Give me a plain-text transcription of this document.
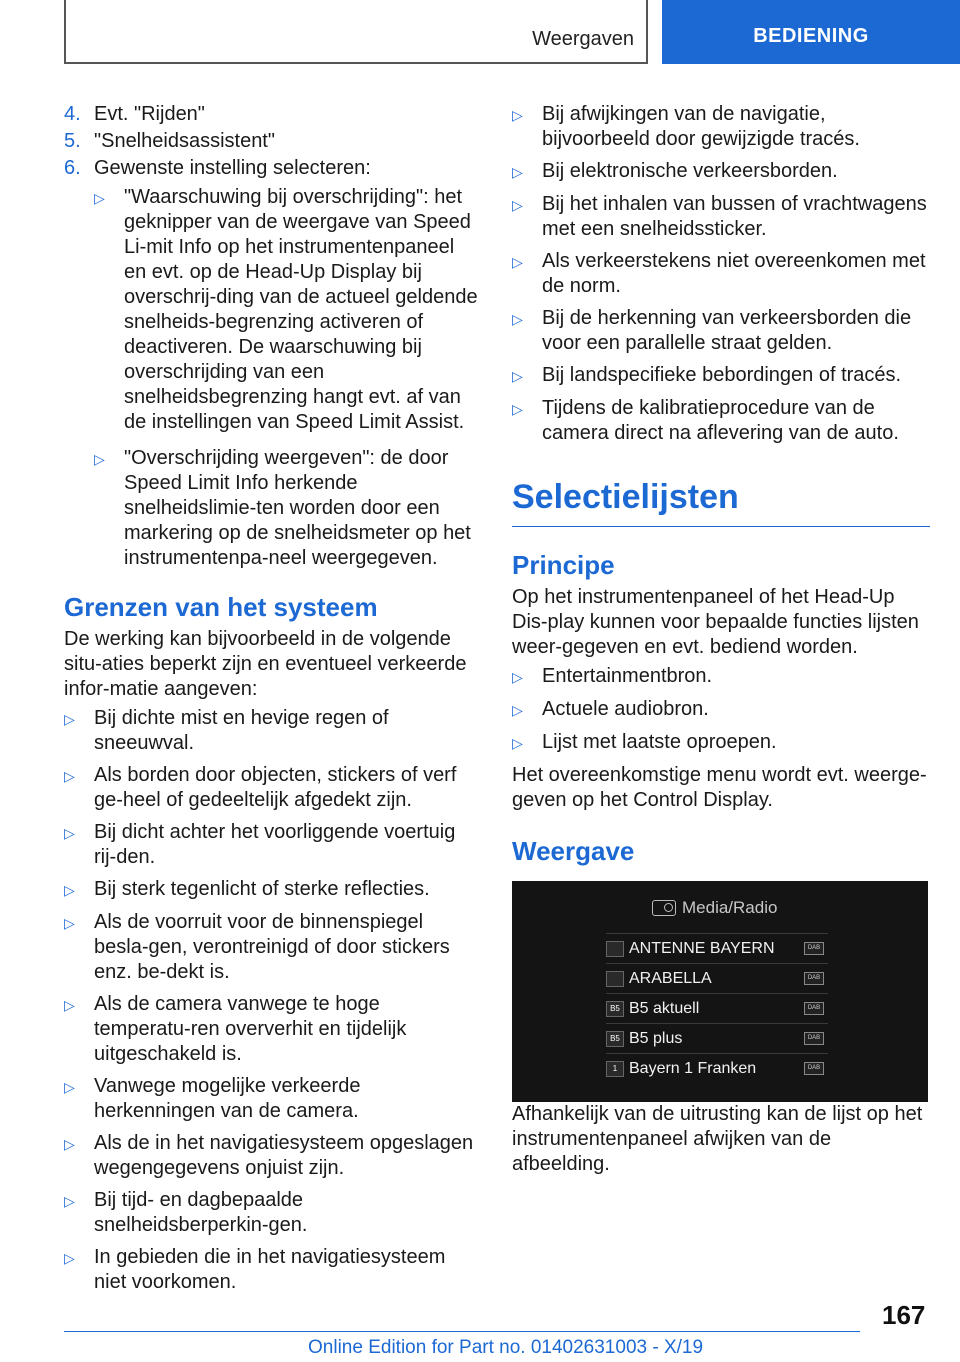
Weergaven	BEDIENING
4. Evt. "Rijden"
5. "Snelheidsassistent"
6. Gewenste instelling selecteren:
▷ "Waarschuwing bij overschrijding": het geknipper van de weergave van Speed Li-mit Info op het instrumentenpaneel en evt. op de Head-Up Display bij overschrij-ding van de actueel geldende snelheids-begrenzing activeren of deactiveren. De waarschuwing bij overschrijding van een snelheidsbegrenzing hangt evt. af van de instellingen van Speed Limit Assist.
▷ "Overschrijding weergeven": de door Speed Limit Info herkende snelheidslimie-ten worden door een markering op de snelheidsmeter op het instrumentenpa-neel weergegeven.
Grenzen van het systeem

De werking kan bijvoorbeeld in de volgende situ-aties beperkt zijn en eventueel verkeerde infor-matie aangeven:

▷ Bij dichte mist en hevige regen of sneeuwval.
▷ Als borden door objecten, stickers of verf ge-heel of gedeeltelijk afgedekt zijn.
▷ Bij dicht achter het voorliggende voertuig rij-den.
▷ Bij sterk tegenlicht of sterke reflecties.
▷ Als de voorruit voor de binnenspiegel besla-gen, verontreinigd of door stickers enz. be-dekt is.
▷ Als de camera vanwege te hoge temperatu-ren oververhit en tijdelijk uitgeschakeld is.
▷ Vanwege mogelijke verkeerde herkenningen van de camera.
▷ Als de in het navigatiesysteem opgeslagen wegengegevens onjuist zijn.
▷ Bij tijd- en dagbepaalde snelheidsberperkin-gen.
▷ In gebieden die in het navigatiesysteem niet voorkomen.
▷ Bij afwijkingen van de navigatie, bijvoorbeeld door gewijzigde tracés.
▷ Bij elektronische verkeersborden.
▷ Bij het inhalen van bussen of vrachtwagens met een snelheidssticker.
▷ Als verkeerstekens niet overeenkomen met de norm.
▷ Bij de herkenning van verkeersborden die voor een parallelle straat gelden.
▷ Bij landspecifieke bebordingen of tracés.
▷ Tijdens de kalibratieprocedure van de camera direct na aflevering van de auto.
Selectielijsten
Principe

Op het instrumentenpaneel of het Head-Up Dis-play kunnen voor bepaalde functies lijsten weer-gegeven en evt. bediend worden.

▷ Entertainmentbron.
▷ Actuele audiobron.
▷ Lijst met laatste oproepen.

Het overeenkomstige menu wordt evt. weerge-geven op het Control Display.

Weergave
Media/Radio
ANTENNE BAYERN	DAB
ARABELLA	DAB
B5 B5 aktuell	DAB
B5 B5 plus	DAB
1 Bayern 1 Franken	DAB

Afhankelijk van de uitrusting kan de lijst op het instrumentenpaneel afwijken van de afbeelding.

167
Online Edition for Part no. 01402631003 - X/19
